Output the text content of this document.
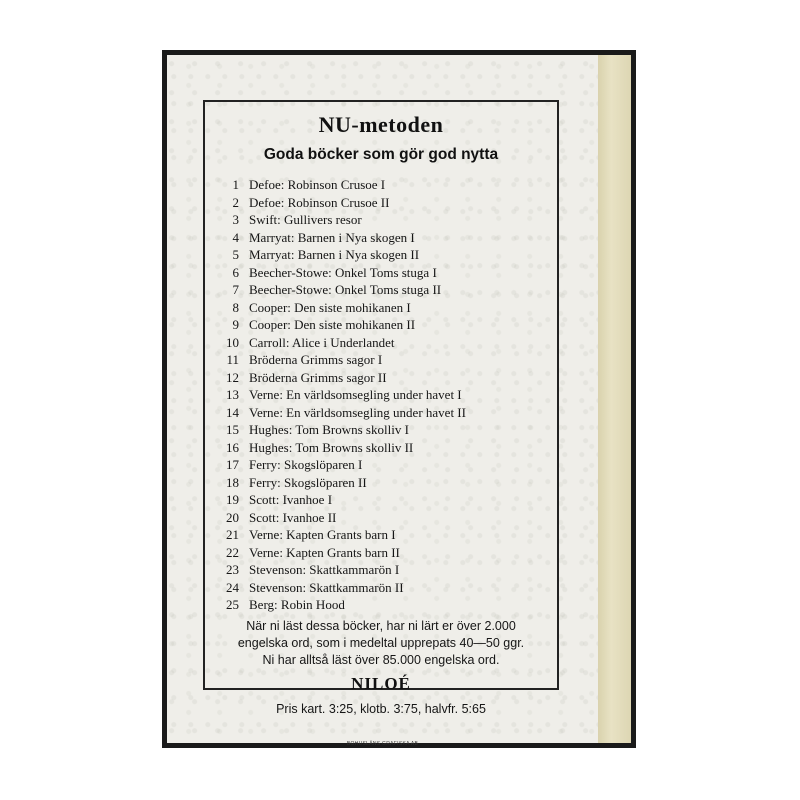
NU-metoden
Goda böcker som gör god nytta
1 Defoe: Robinson Crusoe I
2 Defoe: Robinson Crusoe II
3 Swift: Gullivers resor
4 Marryat: Barnen i Nya skogen I
5 Marryat: Barnen i Nya skogen II
6 Beecher-Stowe: Onkel Toms stuga I
7 Beecher-Stowe: Onkel Toms stuga II
8 Cooper: Den siste mohikanen I
9 Cooper: Den siste mohikanen II
10 Carroll: Alice i Underlandet
11 Bröderna Grimms sagor I
12 Bröderna Grimms sagor II
13 Verne: En världsomsegling under havet I
14 Verne: En världsomsegling under havet II
15 Hughes: Tom Browns skolliv I
16 Hughes: Tom Browns skolliv II
17 Ferry: Skogslöparen I
18 Ferry: Skogslöparen II
19 Scott: Ivanhoe I
20 Scott: Ivanhoe II
21 Verne: Kapten Grants barn I
22 Verne: Kapten Grants barn II
23 Stevenson: Skattkammarön I
24 Stevenson: Skattkammarön II
25 Berg: Robin Hood
När ni läst dessa böcker, har ni lärt er över 2.000
engelska ord, som i medeltal upprepats 40—50 ggr.
Ni har alltså läst över 85.000 engelska ord.
NILOÉ
Pris kart. 3:25, klotb. 3:75, halvfr. 5:65
BOHUSLÄNS GRAFISKA AB
